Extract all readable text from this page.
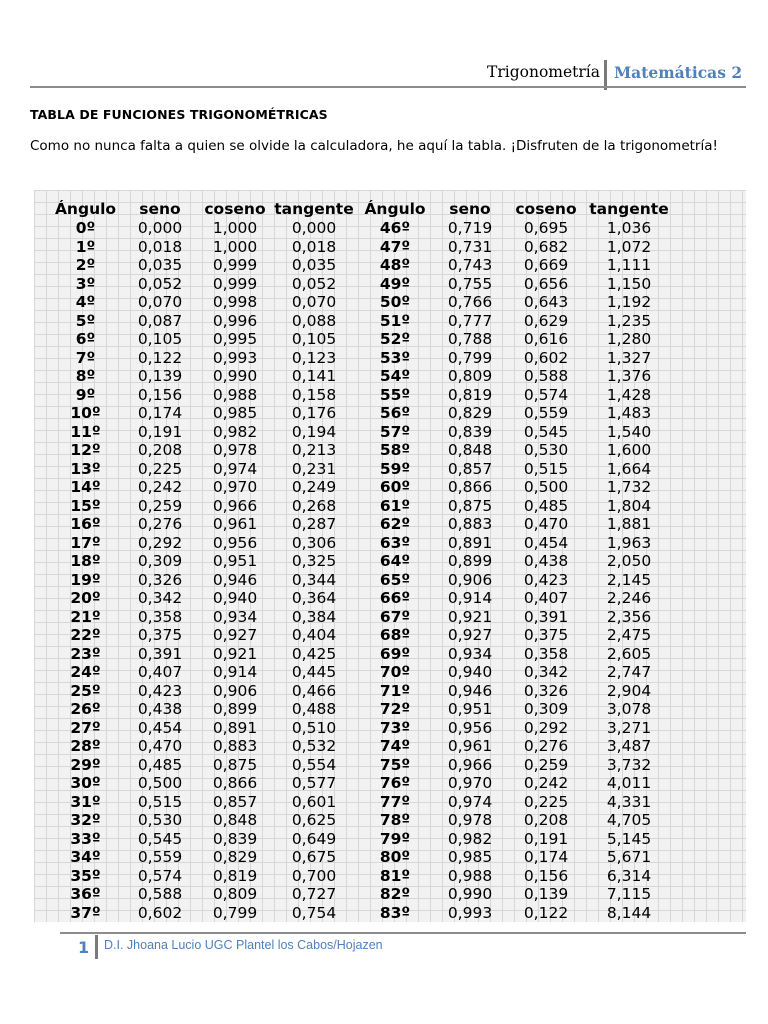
Trigonometría Matemáticas 2
TABLA DE FUNCIONES TRIGONOMÉTRICAS
Como no nunca falta a quien se olvide la calculadora, he aquí la tabla. ¡Disfruten de la trigonometría!
Ángulo	seno	coseno	tangente	Ángulo	seno	coseno	tangente
0º	0,000	1,000	0,000	46º	0,719	0,695	1,036
1º	0,018	1,000	0,018	47º	0,731	0,682	1,072
2º	0,035	0,999	0,035	48º	0,743	0,669	1,111
3º	0,052	0,999	0,052	49º	0,755	0,656	1,150
4º	0,070	0,998	0,070	50º	0,766	0,643	1,192
5º	0,087	0,996	0,088	51º	0,777	0,629	1,235
6º	0,105	0,995	0,105	52º	0,788	0,616	1,280
7º	0,122	0,993	0,123	53º	0,799	0,602	1,327
8º	0,139	0,990	0,141	54º	0,809	0,588	1,376
9º	0,156	0,988	0,158	55º	0,819	0,574	1,428
10º	0,174	0,985	0,176	56º	0,829	0,559	1,483
11º	0,191	0,982	0,194	57º	0,839	0,545	1,540
12º	0,208	0,978	0,213	58º	0,848	0,530	1,600
13º	0,225	0,974	0,231	59º	0,857	0,515	1,664
14º	0,242	0,970	0,249	60º	0,866	0,500	1,732
15º	0,259	0,966	0,268	61º	0,875	0,485	1,804
16º	0,276	0,961	0,287	62º	0,883	0,470	1,881
17º	0,292	0,956	0,306	63º	0,891	0,454	1,963
18º	0,309	0,951	0,325	64º	0,899	0,438	2,050
19º	0,326	0,946	0,344	65º	0,906	0,423	2,145
20º	0,342	0,940	0,364	66º	0,914	0,407	2,246
21º	0,358	0,934	0,384	67º	0,921	0,391	2,356
22º	0,375	0,927	0,404	68º	0,927	0,375	2,475
23º	0,391	0,921	0,425	69º	0,934	0,358	2,605
24º	0,407	0,914	0,445	70º	0,940	0,342	2,747
25º	0,423	0,906	0,466	71º	0,946	0,326	2,904
26º	0,438	0,899	0,488	72º	0,951	0,309	3,078
27º	0,454	0,891	0,510	73º	0,956	0,292	3,271
28º	0,470	0,883	0,532	74º	0,961	0,276	3,487
29º	0,485	0,875	0,554	75º	0,966	0,259	3,732
30º	0,500	0,866	0,577	76º	0,970	0,242	4,011
31º	0,515	0,857	0,601	77º	0,974	0,225	4,331
32º	0,530	0,848	0,625	78º	0,978	0,208	4,705
33º	0,545	0,839	0,649	79º	0,982	0,191	5,145
34º	0,559	0,829	0,675	80º	0,985	0,174	5,671
35º	0,574	0,819	0,700	81º	0,988	0,156	6,314
36º	0,588	0,809	0,727	82º	0,990	0,139	7,115
37º	0,602	0,799	0,754	83º	0,993	0,122	8,144
1 D.I. Jhoana Lucio UGC Plantel los Cabos/Hojazen
